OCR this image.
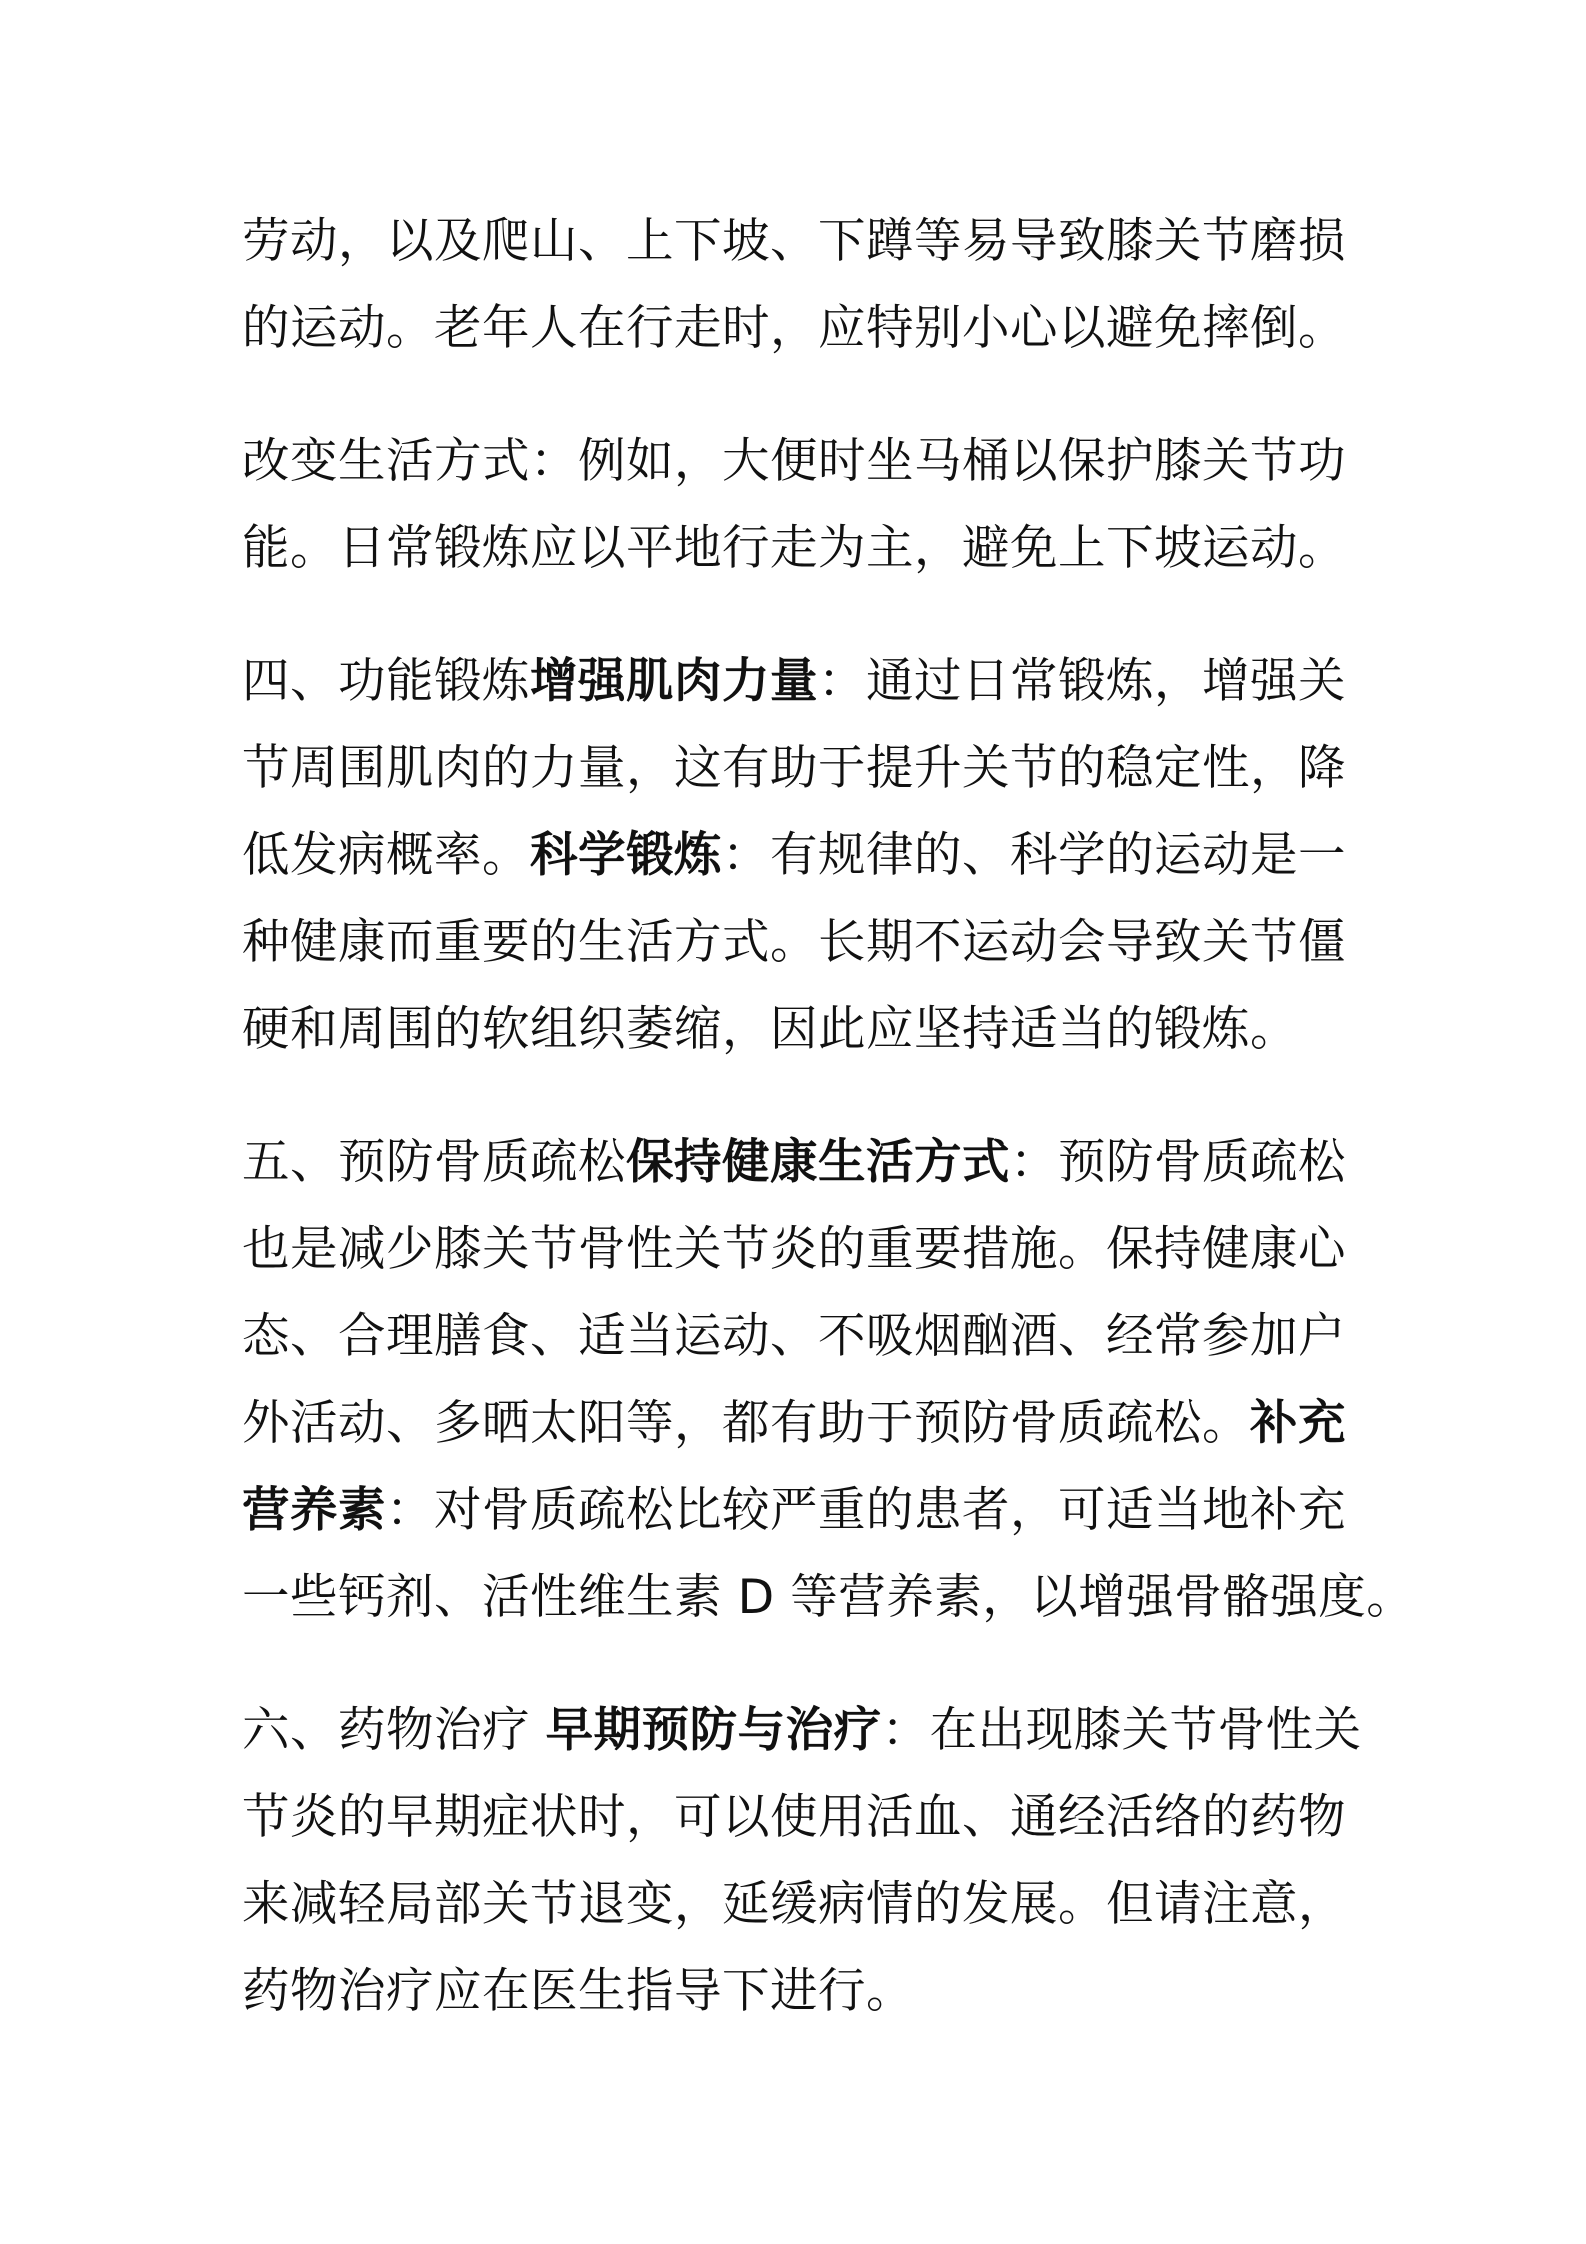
劳动，以及爬山、上下坡、下蹲等易导致膝关节磨损
的运动。老年人在行走时，应特别小心以避免摔倒。
改变生活方式：例如，大便时坐马桶以保护膝关节功
能。日常锻炼应以平地行走为主，避免上下坡运动。
四、功能锻炼增强肌肉力量：通过日常锻炼，增强关
节周围肌肉的力量，这有助于提升关节的稳定性，降
低发病概率。科学锻炼：有规律的、科学的运动是一
种健康而重要的生活方式。长期不运动会导致关节僵
硬和周围的软组织萎缩，因此应坚持适当的锻炼。
五、预防骨质疏松保持健康生活方式：预防骨质疏松
也是减少膝关节骨性关节炎的重要措施。保持健康心
态、合理膳食、适当运动、不吸烟酗酒、经常参加户
外活动、多晒太阳等，都有助于预防骨质疏松。补充
营养素：对骨质疏松比较严重的患者，可适当地补充
一些钙剂、活性维生素 D 等营养素，以增强骨骼强度。
六、药物治疗 早期预防与治疗：在出现膝关节骨性关
节炎的早期症状时，可以使用活血、通经活络的药物
来减轻局部关节退变，延缓病情的发展。但请注意，
药物治疗应在医生指导下进行。
